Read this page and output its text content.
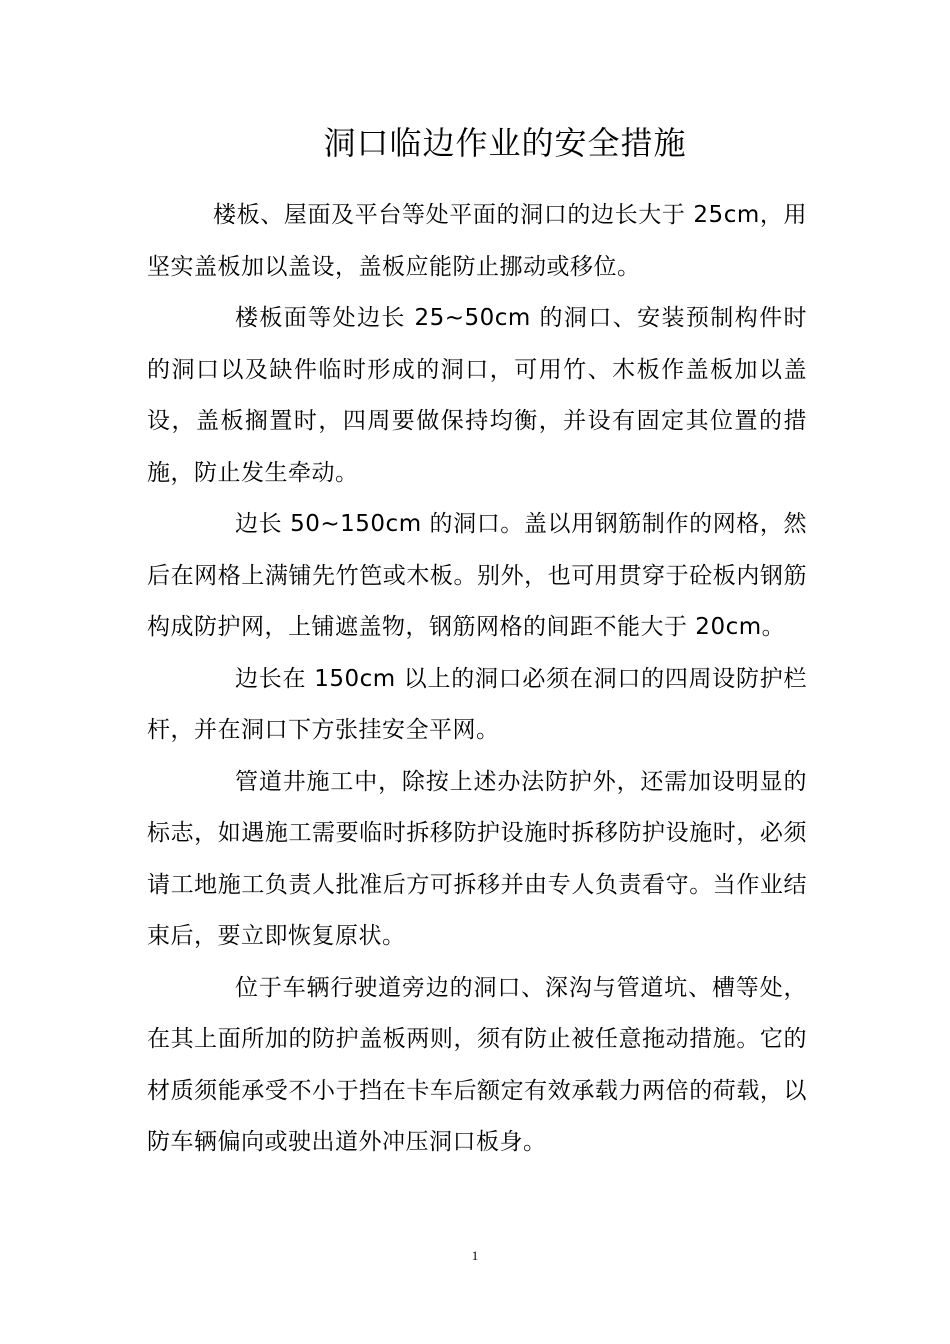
洞口临边作业的安全措施

楼板、屋面及平台等处平面的洞口的边长大于 25cm，用坚实盖板加以盖设，盖板应能防止挪动或移位。

楼板面等处边长 25~50cm 的洞口、安装预制构件时的洞口以及缺件临时形成的洞口，可用竹、木板作盖板加以盖设，盖板搁置时，四周要做保持均衡，并设有固定其位置的措施，防止发生牵动。

边长 50~150cm 的洞口。盖以用钢筋制作的网格，然后在网格上满铺先竹笆或木板。别外，也可用贯穿于砼板内钢筋构成防护网，上铺遮盖物，钢筋网格的间距不能大于 20cm。

边长在 150cm 以上的洞口必须在洞口的四周设防护栏杆，并在洞口下方张挂安全平网。

管道井施工中，除按上述办法防护外，还需加设明显的标志，如遇施工需要临时拆移防护设施时拆移防护设施时，必须请工地施工负责人批准后方可拆移并由专人负责看守。当作业结束后，要立即恢复原状。

位于车辆行驶道旁边的洞口、深沟与管道坑、槽等处，在其上面所加的防护盖板两则，须有防止被任意拖动措施。它的材质须能承受不小于挡在卡车后额定有效承载力两倍的荷载，以防车辆偏向或驶出道外冲压洞口板身。

1
